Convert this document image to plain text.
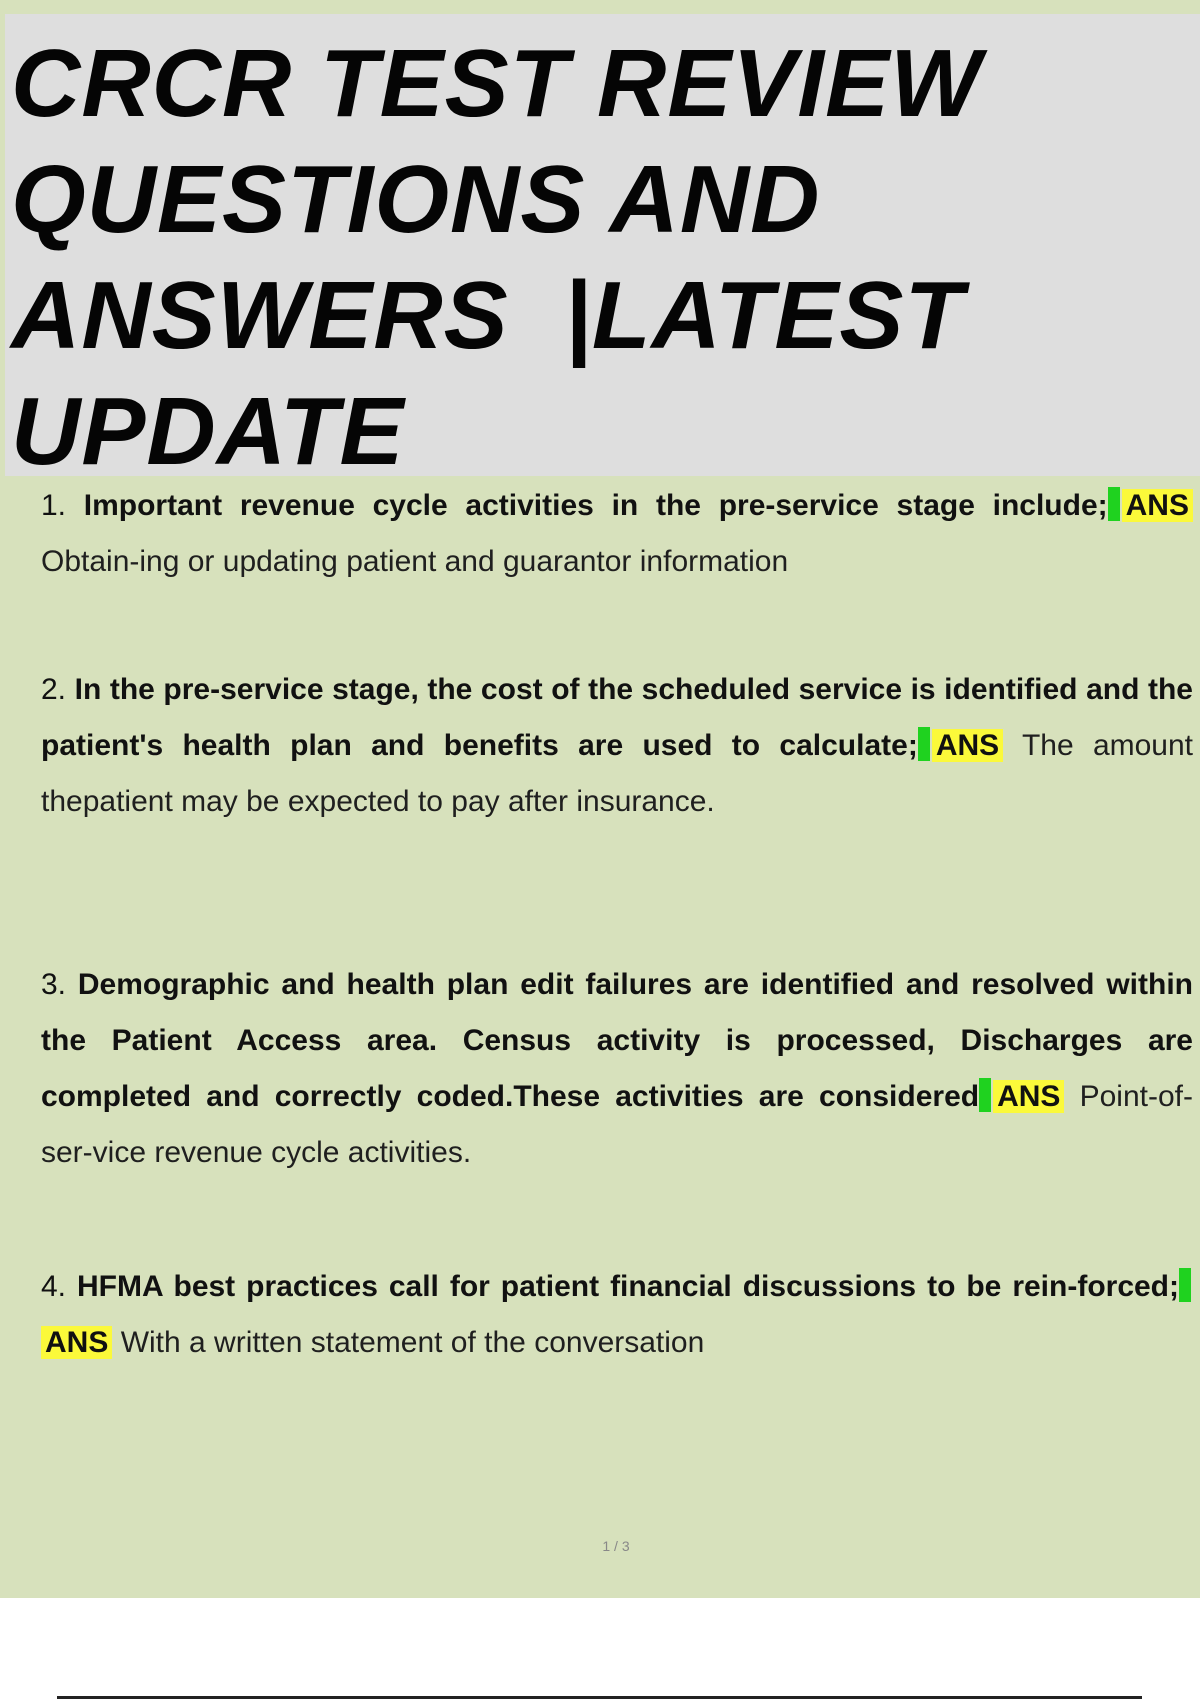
CRCR TEST REVIEW
QUESTIONS AND
ANSWERS  |LATEST
UPDATE
1. Important revenue cycle activities in the pre-service stage include; ANS Obtain-ing or updating patient and guarantor information
2. In the pre-service stage, the cost of the scheduled service is identified and the patient's health plan and benefits are used to calculate; ANS The amount thepatient may be expected to pay after insurance.
3. Demographic and health plan edit failures are identified and resolved within the Patient Access area. Census activity is processed, Discharges are completed and correctly coded.These activities are considered ANS Point-of-ser-vice revenue cycle activities.
4. HFMA best practices call for patient financial discussions to be rein-forced;ANS With a written statement of the conversation
1 / 3
